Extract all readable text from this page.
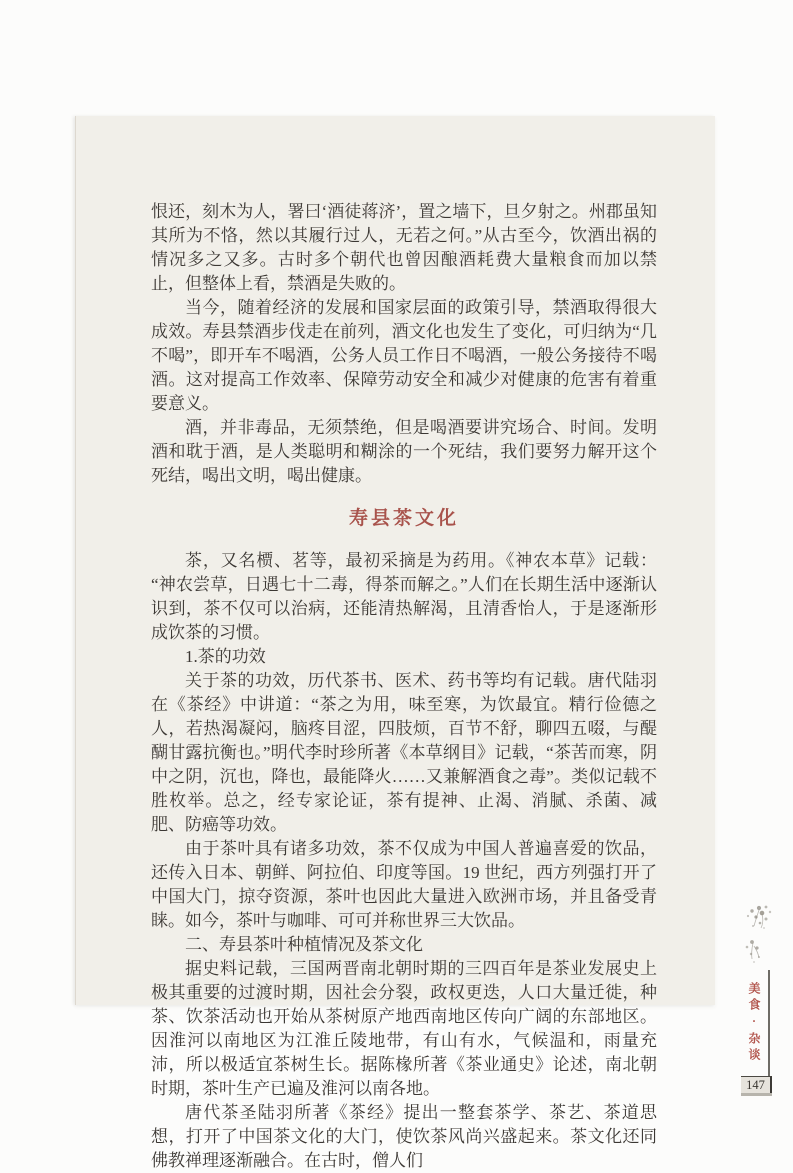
恨还，刻木为人，署曰‘酒徒蒋济’，置之墙下，旦夕射之。州郡虽知其所为不恪，然以其履行过人，无若之何。”从古至今，饮酒出祸的情况多之又多。古时多个朝代也曾因酿酒耗费大量粮食而加以禁止，但整体上看，禁酒是失败的。

当今，随着经济的发展和国家层面的政策引导，禁酒取得很大成效。寿县禁酒步伐走在前列，酒文化也发生了变化，可归纳为“几不喝”，即开车不喝酒，公务人员工作日不喝酒，一般公务接待不喝酒。这对提高工作效率、保障劳动安全和减少对健康的危害有着重要意义。

酒，并非毒品，无须禁绝，但是喝酒要讲究场合、时间。发明酒和耽于酒，是人类聪明和糊涂的一个死结，我们要努力解开这个死结，喝出文明，喝出健康。

寿县茶文化

茶，又名槚、茗等，最初采摘是为药用。《神农本草》记载：“神农尝草，日遇七十二毒，得茶而解之。”人们在长期生活中逐渐认识到，茶不仅可以治病，还能清热解渴，且清香怡人，于是逐渐形成饮茶的习惯。

1.茶的功效

关于茶的功效，历代茶书、医术、药书等均有记载。唐代陆羽在《茶经》中讲道：“茶之为用，味至寒，为饮最宜。精行俭德之人，若热渴凝闷，脑疼目涩，四肢烦，百节不舒，聊四五啜，与醍醐甘露抗衡也。”明代李时珍所著《本草纲目》记载，“茶苦而寒，阴中之阴，沉也，降也，最能降火……又兼解酒食之毒”。类似记载不胜枚举。总之，经专家论证，茶有提神、止渴、消腻、杀菌、减肥、防癌等功效。

由于茶叶具有诸多功效，茶不仅成为中国人普遍喜爱的饮品，还传入日本、朝鲜、阿拉伯、印度等国。19 世纪，西方列强打开了中国大门，掠夺资源，茶叶也因此大量进入欧洲市场，并且备受青睐。如今，茶叶与咖啡、可可并称世界三大饮品。

二、寿县茶叶种植情况及茶文化

据史料记载，三国两晋南北朝时期的三四百年是茶业发展史上极其重要的过渡时期，因社会分裂，政权更迭，人口大量迁徙，种茶、饮茶活动也开始从茶树原产地西南地区传向广阔的东部地区。因淮河以南地区为江淮丘陵地带，有山有水，气候温和，雨量充沛，所以极适宜茶树生长。据陈椽所著《茶业通史》论述，南北朝时期，茶叶生产已遍及淮河以南各地。

唐代茶圣陆羽所著《茶经》提出一整套茶学、茶艺、茶道思想，打开了中国茶文化的大门，使饮茶风尚兴盛起来。茶文化还同佛教禅理逐渐融合。在古时，僧人们

美食·杂谈
147
